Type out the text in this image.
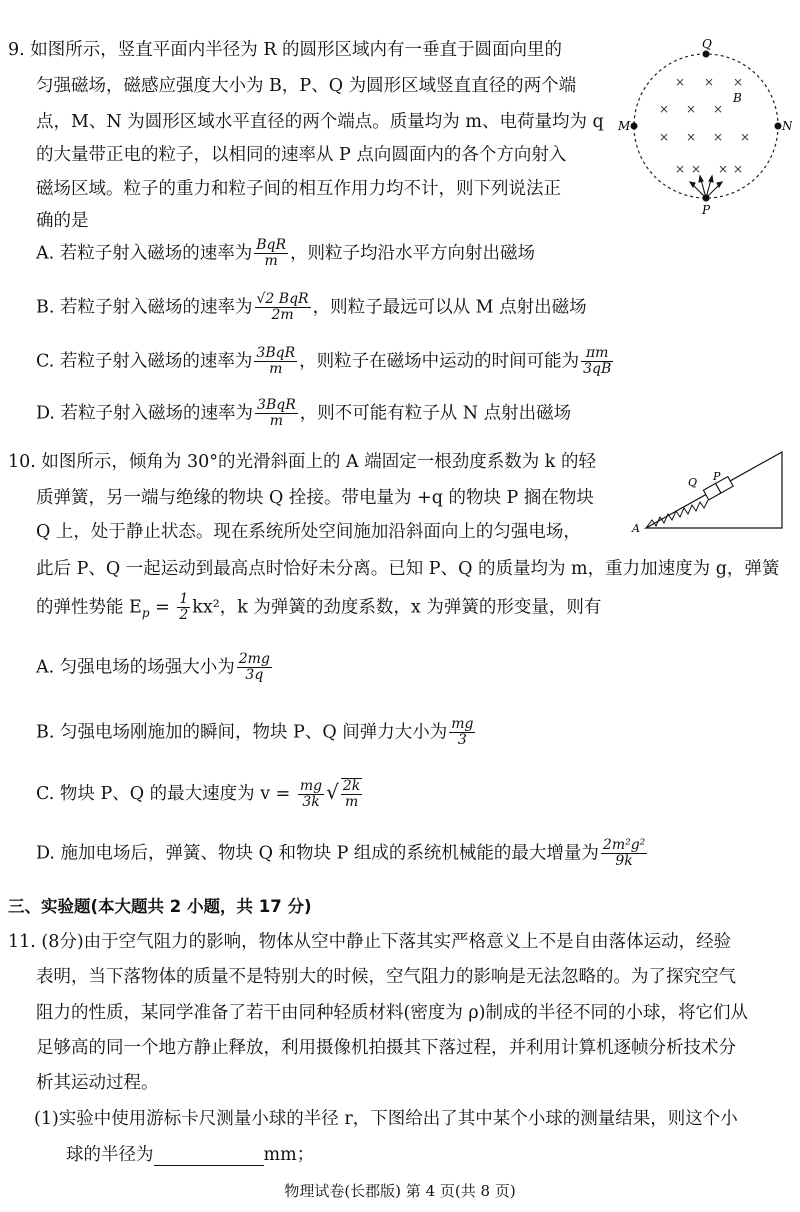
9. 如图所示，竖直平面内半径为 R 的圆形区域内有一垂直于圆面向里的
匀强磁场，磁感应强度大小为 B，P、Q 为圆形区域竖直直径的两个端
点，M、N 为圆形区域水平直径的两个端点。质量均为 m、电荷量均为 q
的大量带正电的粒子，以相同的速率从 P 点向圆面内的各个方向射入
磁场区域。粒子的重力和粒子间的相互作用力均不计，则下列说法正
确的是
Q
P
M	N
B
× × ×
× × ×
× × × ×
×	×
× ×
A. 若粒子射入磁场的速率为 $\frac{\text{BqR}}{m}$ ，则粒子均沿水平方向射出磁场
B. 若粒子射入磁场的速率为 $\frac{\text{√2 BqR}}{2m}$ ，则粒子最远可以从 M 点射出磁场
C. 若粒子射入磁场的速率为 $\frac{\text{3BqR}}{m}$ ，则粒子在磁场中运动的时间可能为 $\frac{\pi m}{3qB}$
D. 若粒子射入磁场的速率为 $\frac{\text{3BqR}}{m}$ ，则不可能有粒子从 N 点射出磁场
10. 如图所示，倾角为 30°的光滑斜面上的 A 端固定一根劲度系数为 k 的轻
质弹簧，另一端与绝缘的物块 Q 拴接。带电量为 +q 的物块 P 搁在物块
Q 上，处于静止状态。现在系统所处空间施加沿斜面向上的匀强电场，
此后 P、Q 一起运动到最高点时恰好未分离。已知 P、Q 的质量均为 m，重力加速度为 g，弹簧
的弹性势能 $E_p = \frac{1}{2} kx^2$，k 为弹簧的劲度系数，x 为弹簧的形变量，则有
Q P
A
A. 匀强电场的场强大小为 $\frac{2mg}{3q}$
B. 匀强电场刚施加的瞬间，物块 P、Q 间弹力大小为 $\frac{mg}{3}$
C. 物块 P、Q 的最大速度为 $v = \frac{mg}{3k}$ √ $\frac{2k}{m}$
D. 施加电场后，弹簧、物块 Q 和物块 P 组成的系统机械能的最大增量为 $\frac{\text{2m²g²}}{9k}$
三、实验题(本大题共 2 小题，共 17 分)
11. (8分)由于空气阻力的影响，物体从空中静止下落其实严格意义上不是自由落体运动，经验
表明，当下落物体的质量不是特别大的时候，空气阻力的影响是无法忽略的。为了探究空气
阻力的性质，某同学准备了若干由同种轻质材料(密度为 ρ)制成的半径不同的小球，将它们从
足够高的同一个地方静止释放，利用摄像机拍摄其下落过程，并利用计算机逐帧分析技术分
析其运动过程。
(1)实验中使用游标卡尺测量小球的半径 r，下图给出了其中某个小球的测量结果，则这个小
球的半径为	mm；
物理试卷(长郡版) 第 4 页(共 8 页)
